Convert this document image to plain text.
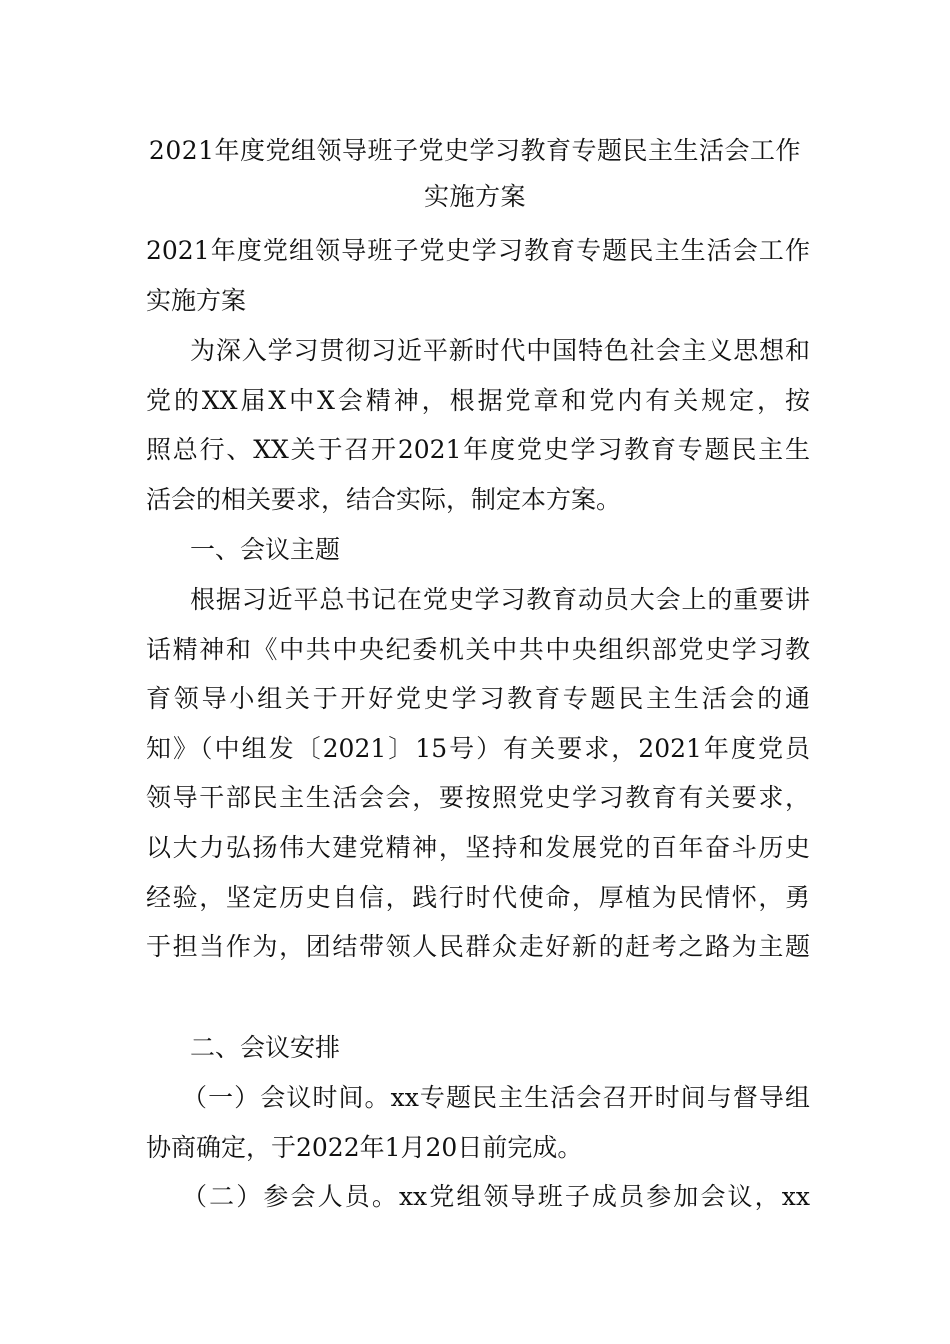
2021年度党组领导班子党史学习教育专题民主生活会工作
实施方案
2021年度党组领导班子党史学习教育专题民主生活会工作
实施方案
为深入学习贯彻习近平新时代中国特色社会主义思想和
党的XX届X中X会精神，根据党章和党内有关规定，按
照总行、XX关于召开2021年度党史学习教育专题民主生
活会的相关要求，结合实际，制定本方案。
一、会议主题
根据习近平总书记在党史学习教育动员大会上的重要讲
话精神和《中共中央纪委机关中共中央组织部党史学习教
育领导小组关于开好党史学习教育专题民主生活会的通
知》（中组发〔2021〕15号）有关要求，2021年度党员
领导干部民主生活会会，要按照党史学习教育有关要求，
以大力弘扬伟大建党精神，坚持和发展党的百年奋斗历史
经验，坚定历史自信，践行时代使命，厚植为民情怀，勇
于担当作为，团结带领人民群众走好新的赶考之路为主题
二、会议安排
（一）会议时间。xx专题民主生活会召开时间与督导组
协商确定，于2022年1月20日前完成。
（二）参会人员。xx党组领导班子成员参加会议，xx
